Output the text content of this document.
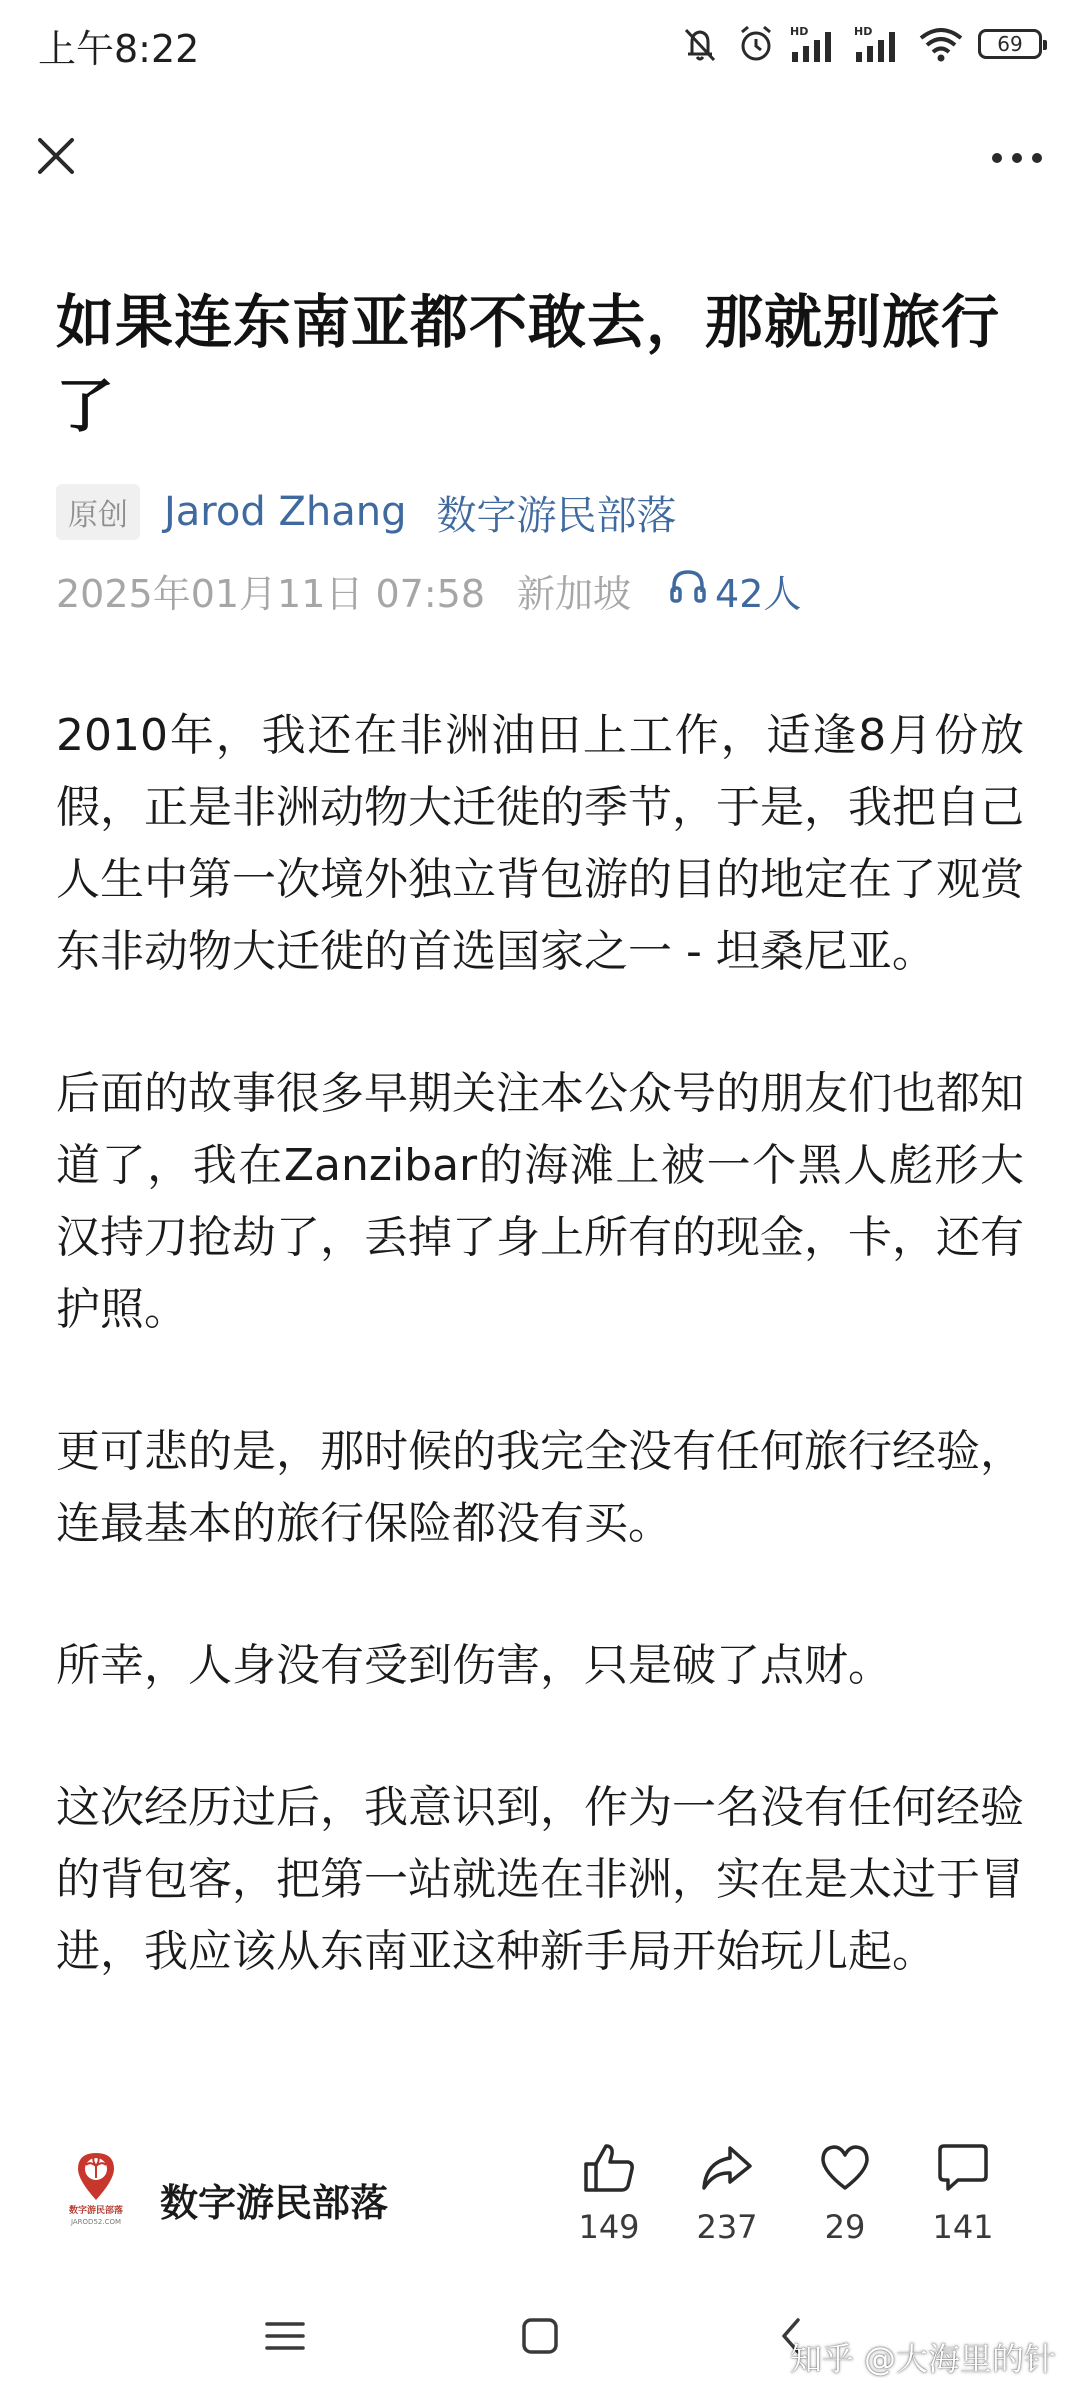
上午8:22	HD	HD
69
如果连东南亚都不敢去，那就别旅行了
原创 Jarod Zhang 数字游民部落
2025年01月11日 07:58 新加坡 42人

2010年，我还在非洲油田上工作，适逢8月份放假，正是非洲动物大迁徙的季节，于是，我把自己人生中第一次境外独立背包游的目的地定在了观赏东非动物大迁徙的首选国家之一 - 坦桑尼亚。

后面的故事很多早期关注本公众号的朋友们也都知道了，我在Zanzibar的海滩上被一个黑人彪形大汉持刀抢劫了，丢掉了身上所有的现金，卡，还有护照。

更可悲的是，那时候的我完全没有任何旅行经验，连最基本的旅行保险都没有买。

所幸，人身没有受到伤害，只是破了点财。

这次经历过后，我意识到，作为一名没有任何经验的背包客，把第一站就选在非洲，实在是太过于冒进，我应该从东南亚这种新手局开始玩儿起。

数字游民部落
JAROD52.COM 数字游民部落
149 237 29 141
知乎 @大海里的针
